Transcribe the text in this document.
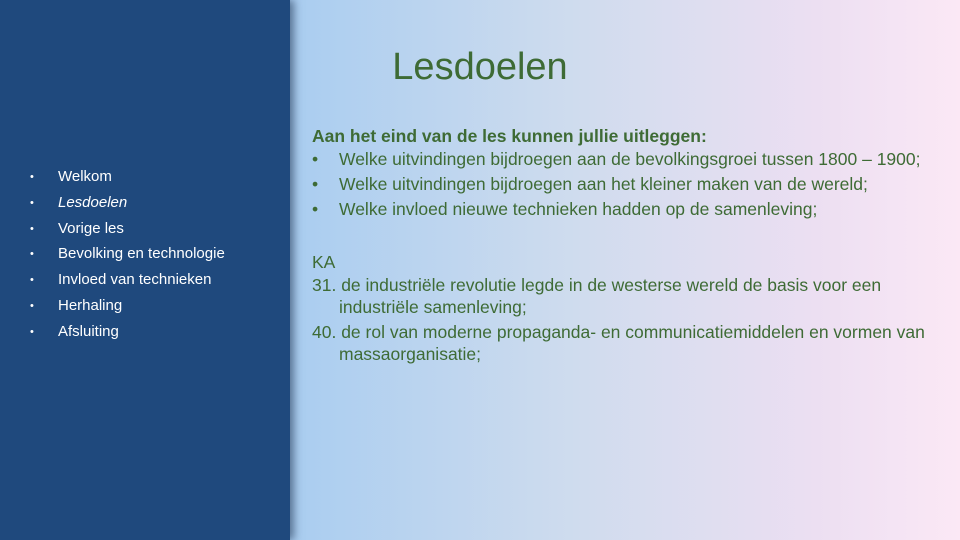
• Welkom
• Lesdoelen
• Vorige les
• Bevolking en technologie
• Invloed van technieken
• Herhaling
• Afsluiting
Lesdoelen

Aan het eind van de les kunnen jullie uitleggen:

• Welke uitvindingen bijdroegen aan de bevolkingsgroei tussen 1800 – 1900;
• Welke uitvindingen bijdroegen aan het kleiner maken van de wereld;
• Welke invloed nieuwe technieken hadden op de samenleving;

KA

31. de industriële revolutie legde in de westerse wereld de basis voor een industriële samenleving;
40. de rol van moderne propaganda- en communicatiemiddelen en vormen van massaorganisatie;
